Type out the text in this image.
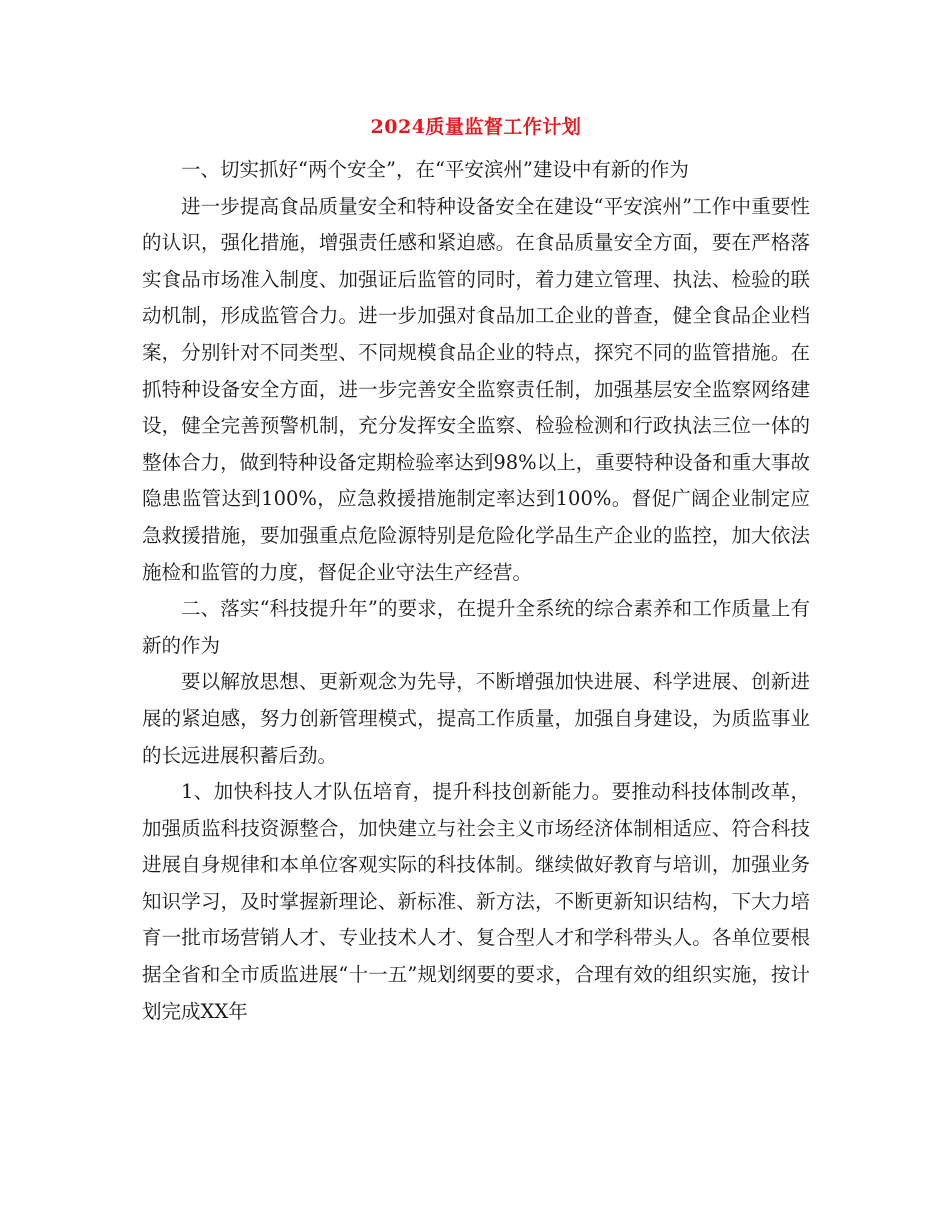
2024质量监督工作计划

一、切实抓好“两个安全”，在“平安滨州”建设中有新的作为

进一步提高食品质量安全和特种设备安全在建设“平安滨州”工作中重要性的认识，强化措施，增强责任感和紧迫感。在食品质量安全方面，要在严格落实食品市场准入制度、加强证后监管的同时，着力建立管理、执法、检验的联动机制，形成监管合力。进一步加强对食品加工企业的普查，健全食品企业档案，分别针对不同类型、不同规模食品企业的特点，探究不同的监管措施。在抓特种设备安全方面，进一步完善安全监察责任制，加强基层安全监察网络建设，健全完善预警机制，充分发挥安全监察、检验检测和行政执法三位一体的整体合力，做到特种设备定期检验率达到98%以上，重要特种设备和重大事故隐患监管达到100%，应急救援措施制定率达到100%。督促广阔企业制定应急救援措施，要加强重点危险源特别是危险化学品生产企业的监控，加大依法施检和监管的力度，督促企业守法生产经营。

二、落实“科技提升年”的要求，在提升全系统的综合素养和工作质量上有新的作为

要以解放思想、更新观念为先导，不断增强加快进展、科学进展、创新进展的紧迫感，努力创新管理模式，提高工作质量，加强自身建设，为质监事业的长远进展积蓄后劲。

1、加快科技人才队伍培育，提升科技创新能力。要推动科技体制改革，加强质监科技资源整合，加快建立与社会主义市场经济体制相适应、符合科技进展自身规律和本单位客观实际的科技体制。继续做好教育与培训，加强业务知识学习，及时掌握新理论、新标准、新方法，不断更新知识结构，下大力培育一批市场营销人才、专业技术人才、复合型人才和学科带头人。各单位要根据全省和全市质监进展“十一五”规划纲要的要求，合理有效的组织实施，按计划完成XX年
